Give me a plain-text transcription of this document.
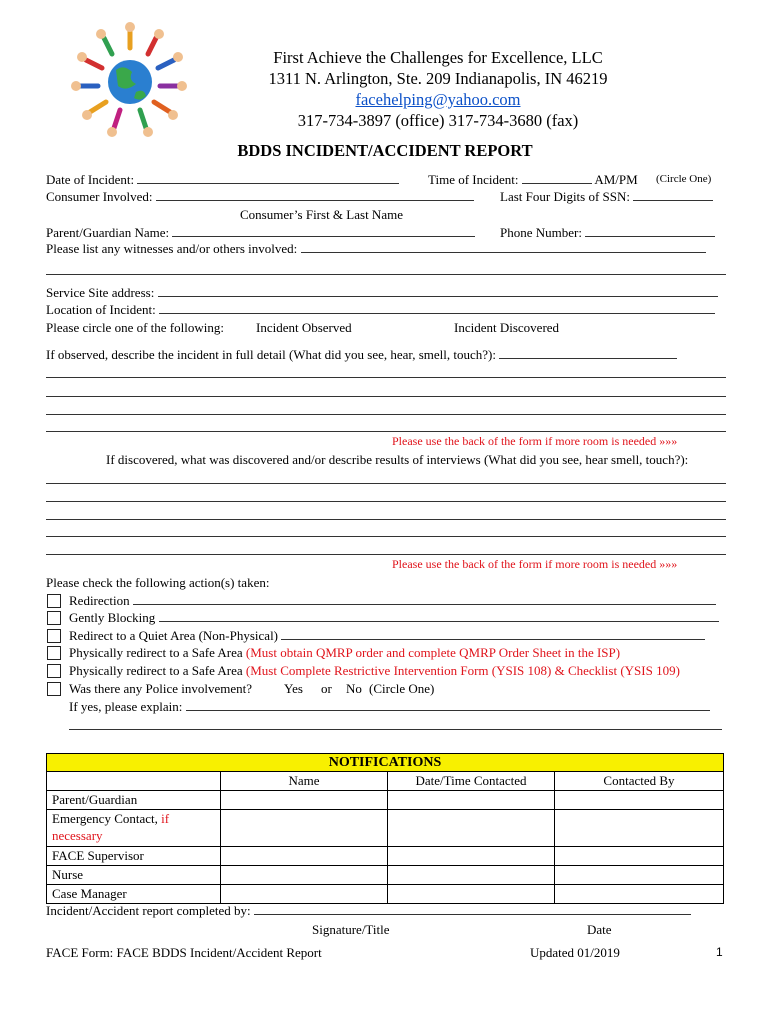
First Achieve the Challenges for Excellence, LLC
1311 N. Arlington, Ste. 209 Indianapolis, IN 46219
facehelping@yahoo.com
317-734-3897 (office) 317-734-3680 (fax)
BDDS INCIDENT/ACCIDENT REPORT
Date of Incident:	Time of Incident:	AM/PM (Circle One)
Consumer Involved:	Last Four Digits of SSN:
Consumer’s First & Last Name
Parent/Guardian Name:	Phone Number:
Please list any witnesses and/or others involved:
Service Site address:
Location of Incident:
Please circle one of the following: Incident Observed	Incident Discovered
If observed, describe the incident in full detail (What did you see, hear, smell, touch?):
Please use the back of the form if more room is needed »»»
If discovered, what was discovered and/or describe results of interviews (What did you see, hear smell, touch?):
Please use the back of the form if more room is needed »»»
Please check the following action(s) taken:
Redirection
Gently Blocking
Redirect to a Quiet Area (Non-Physical)
Physically redirect to a Safe Area (Must obtain QMRP order and complete QMRP Order Sheet in the ISP)
Physically redirect to a Safe Area (Must Complete Restrictive Intervention Form (YSIS 108) & Checklist (YSIS 109)
Was there any Police involvement? Yes or No (Circle One)
If yes, please explain:
NOTIFICATIONS			
	Name	Date/Time Contacted	Contacted By
Parent/Guardian			
Emergency Contact, if
necessary			
FACE Supervisor			
Nurse			
Case Manager			
Incident/Accident report completed by:
Signature/Title	Date
FACE Form: FACE BDDS Incident/Accident Report	Updated 01/2019	1
